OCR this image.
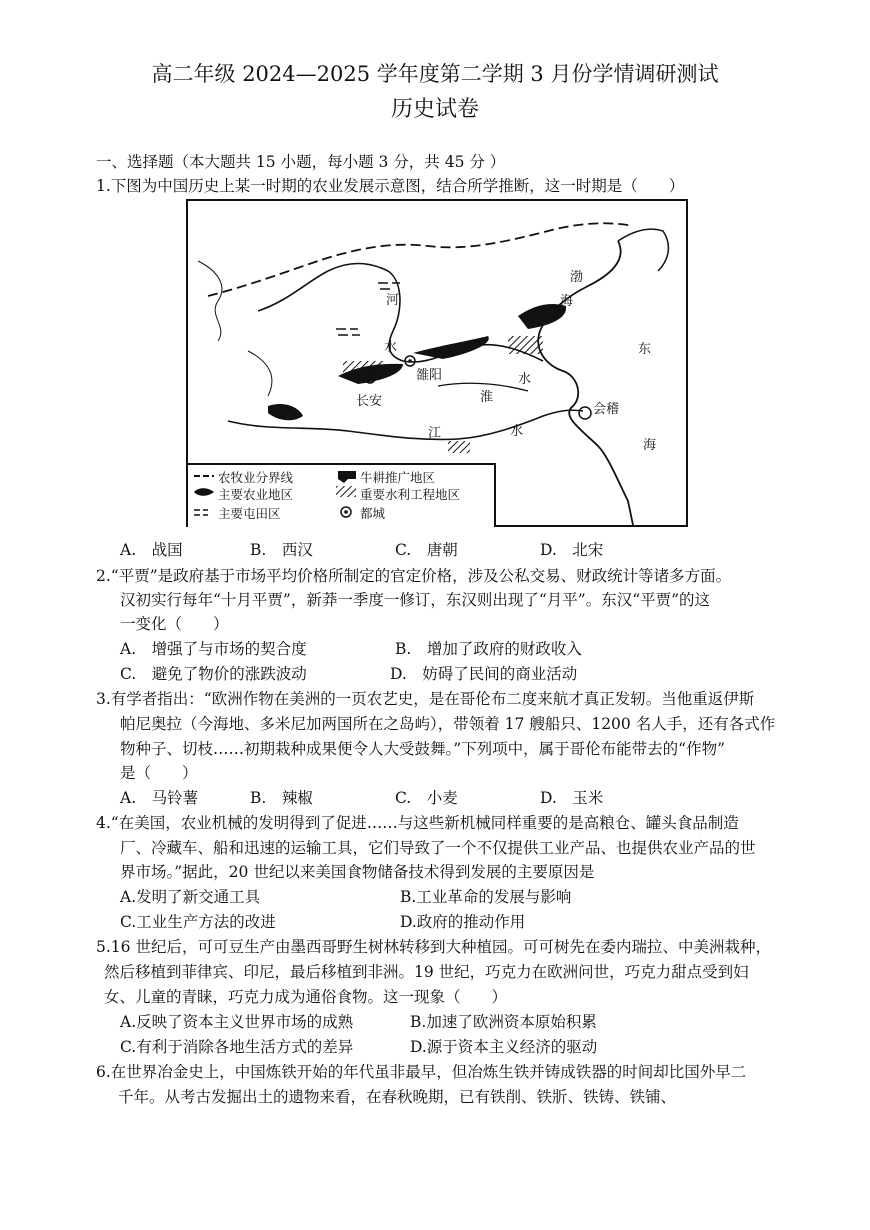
高二年级 2024—2025 学年度第二学期 3 月份学情调研测试
历史试卷
一、选择题（本大题共 15 小题，每小题 3 分，共 45 分 ）
1.下图为中国历史上某一时期的农业发展示意图，结合所学推断，这一时期是（　　）
河
水
长安
雒阳
淮
水
会稽
江	水
渤
海
东
海
农牧业分界线	牛耕推广地区
主要农业地区	重要水利工程地区
主要屯田区	都城
A.　战国	B.　西汉	C.　唐朝	D.　北宋
2.“平贾”是政府基于市场平均价格所制定的官定价格，涉及公私交易、财政统计等诸多方面。
汉初实行每年“十月平贾”，新莽一季度一修订，东汉则出现了“月平”。东汉“平贾”的这
一变化（　　）
A.　增强了与市场的契合度	B.　增加了政府的财政收入
C.　避免了物价的涨跌波动	D.　妨碍了民间的商业活动
3.有学者指出：“欧洲作物在美洲的一页农艺史，是在哥伦布二度来航才真正发轫。当他重返伊斯
帕尼奥拉（今海地、多米尼加两国所在之岛屿），带领着 17 艘船只、1200 名人手，还有各式作
物种子、切枝……初期栽种成果便令人大受鼓舞。”下列项中，属于哥伦布能带去的“作物”
是（　　）
A.　马铃薯	B.　辣椒	C.　小麦	D.　玉米
4.“在美国，农业机械的发明得到了促进……与这些新机械同样重要的是高粮仓、罐头食品制造
厂、冷藏车、船和迅速的运输工具，它们导致了一个不仅提供工业产品、也提供农业产品的世
界市场。”据此，20 世纪以来美国食物储备技术得到发展的主要原因是
A.发明了新交通工具	B.工业革命的发展与影响
C.工业生产方法的改进	D.政府的推动作用
5.16 世纪后，可可豆生产由墨西哥野生树林转移到大种植园。可可树先在委内瑞拉、中美洲栽种，
然后移植到菲律宾、印尼，最后移植到非洲。19 世纪，巧克力在欧洲问世，巧克力甜点受到妇
女、儿童的青睐，巧克力成为通俗食物。这一现象（　　）
A.反映了资本主义世界市场的成熟	B.加速了欧洲资本原始积累
C.有利于消除各地生活方式的差异	D.源于资本主义经济的驱动
6.在世界冶金史上，中国炼铁开始的年代虽非最早，但冶炼生铁并铸成铁器的时间却比国外早二
千年。从考古发掘出土的遗物来看，在春秋晚期，已有铁削、铁斨、铁铸、铁铺、
